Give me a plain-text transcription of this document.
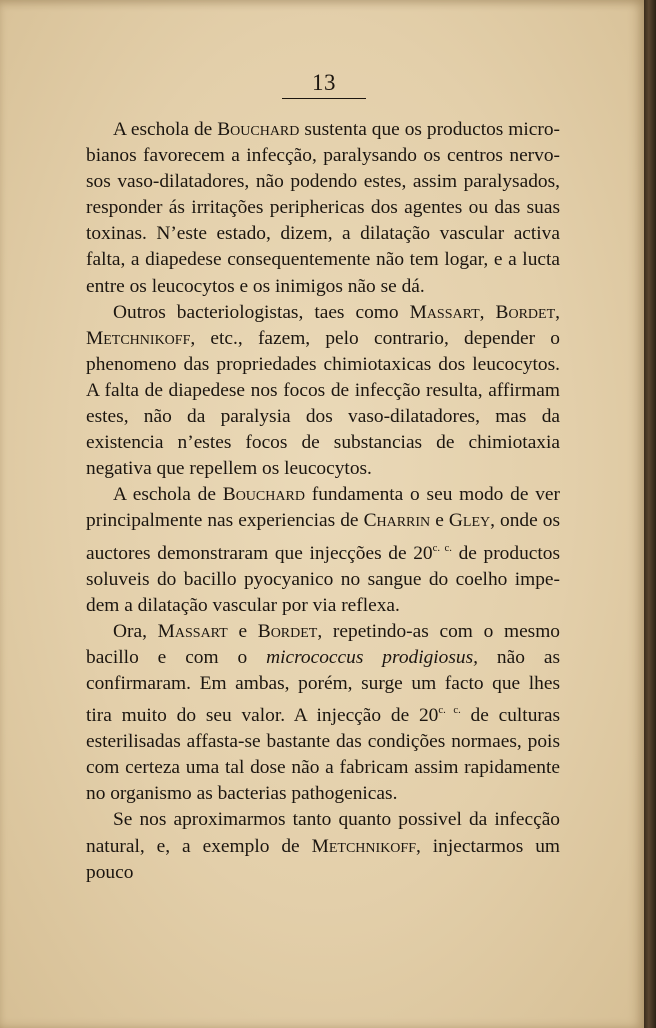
13

A eschola de Bouchard sustenta que os productos microbianos favorecem a infecção, paralysando os centros nervosos vaso-dilatadores, não podendo estes, assim paralysados, responder ás irritações periphericas dos agentes ou das suas toxinas. N’este estado, dizem, a dilatação vascular activa falta, a diapedese consequentemente não tem logar, e a lucta entre os leucocytos e os inimigos não se dá.

Outros bacteriologistas, taes como Massart, Bordet, Metchnikoff, etc., fazem, pelo contrario, depender o phenomeno das propriedades chimiotaxicas dos leucocytos. A falta de diapedese nos focos de infecção resulta, affirmam estes, não da paralysia dos vaso-dilatadores, mas da existencia n’estes focos de substancias de chimiotaxia negativa que repellem os leucocytos.

A eschola de Bouchard fundamenta o seu modo de ver principalmente nas experiencias de Charrin e Gley, onde os auctores demonstraram que injecções de $20^{c. c.}$ de productos soluveis do bacillo pyocyanico no sangue do coelho impedem a dilatação vascular por via reflexa.

Ora, Massart e Bordet, repetindo-as com o mesmo bacillo e com o micrococcus prodigiosus, não as confirmaram. Em ambas, porém, surge um facto que lhes tira muito do seu valor. A injecção de $20^{c. c.}$ de culturas esterilisadas affasta-se bastante das condições normaes, pois com certeza uma tal dose não a fabricam assim rapidamente no organismo as bacterias pathogenicas.

Se nos aproximarmos tanto quanto possivel da infecção natural, e, a exemplo de Metchnikoff, injectarmos um pouco
